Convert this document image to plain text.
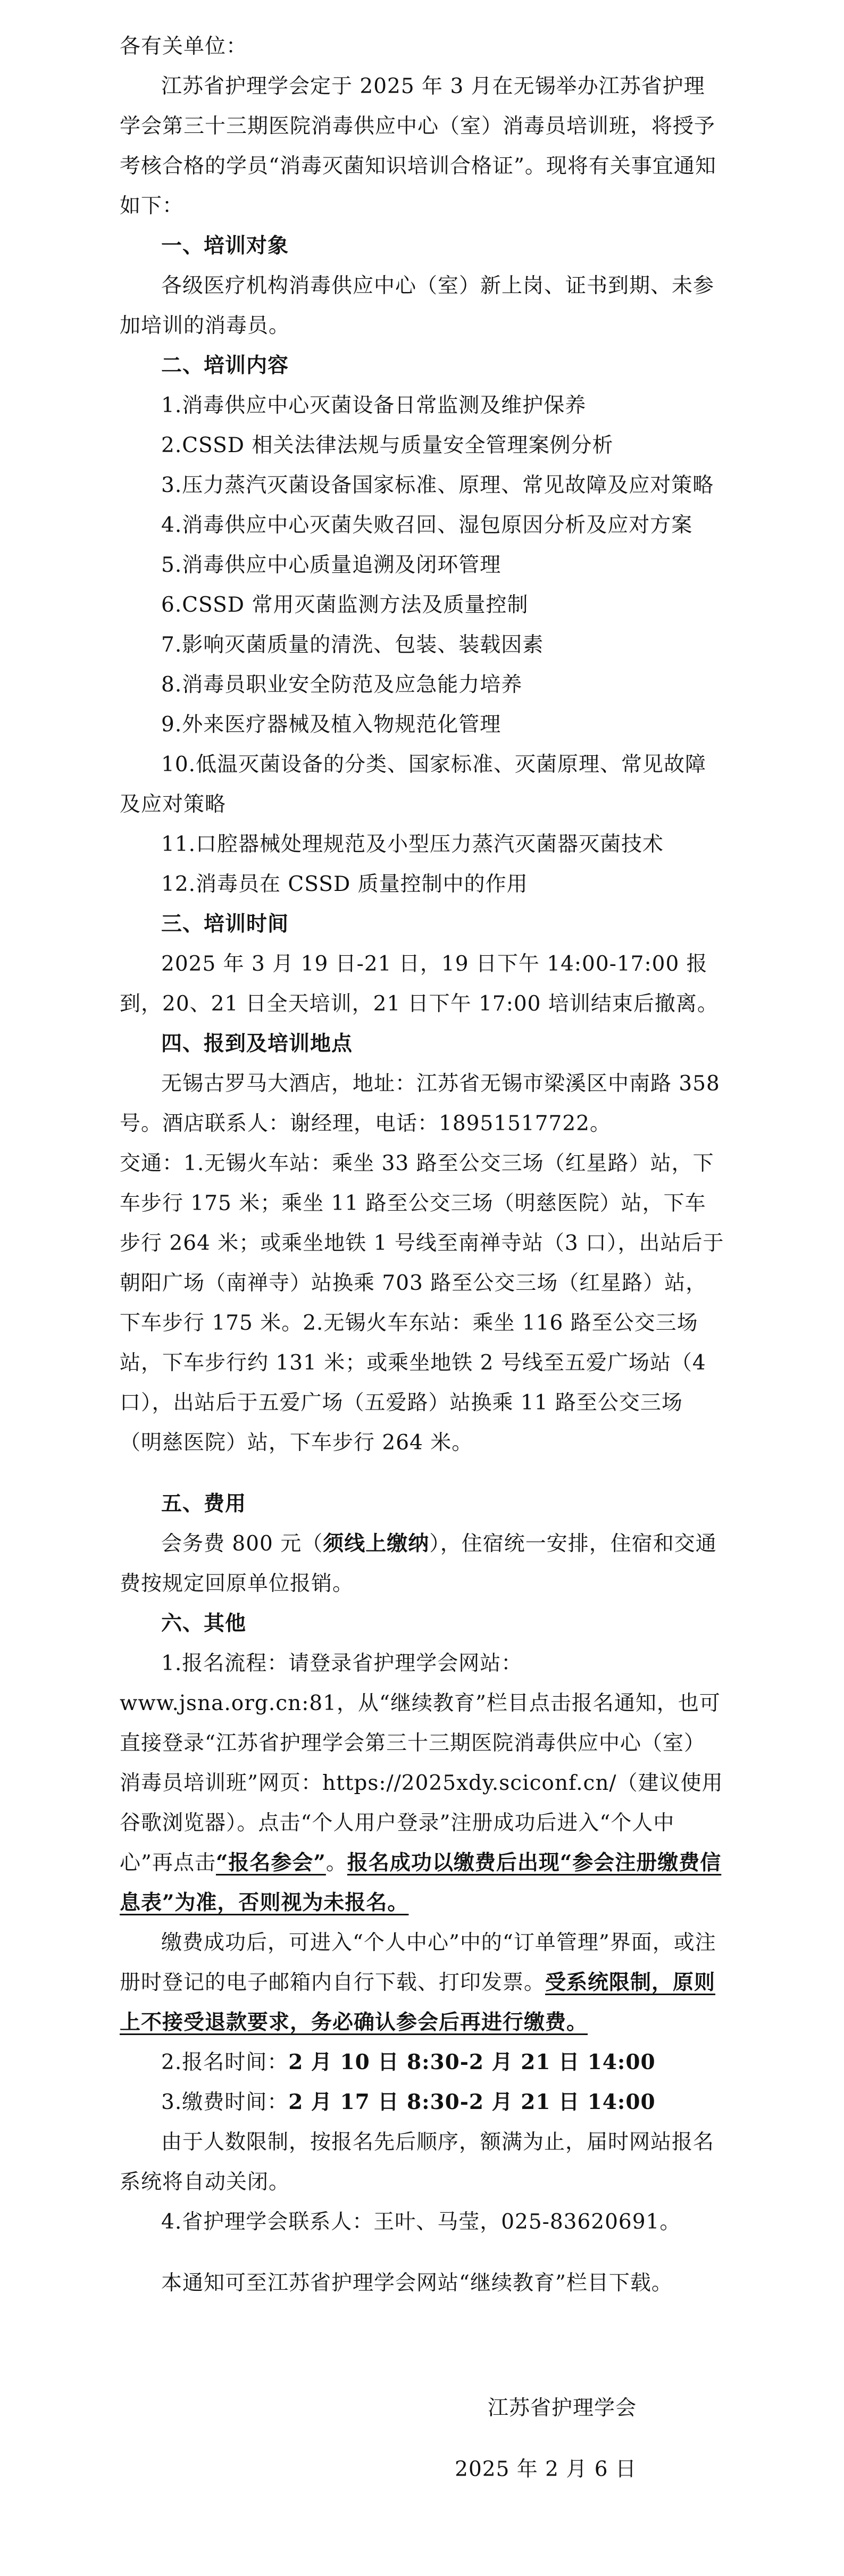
各有关单位：

江苏省护理学会定于 2025 年 3 月在无锡举办江苏省护理学会第三十三期医院消毒供应中心（室）消毒员培训班，将授予考核合格的学员“消毒灭菌知识培训合格证”。现将有关事宜通知如下：

一、培训对象

各级医疗机构消毒供应中心（室）新上岗、证书到期、未参加培训的消毒员。

二、培训内容

1.消毒供应中心灭菌设备日常监测及维护保养

2.CSSD 相关法律法规与质量安全管理案例分析

3.压力蒸汽灭菌设备国家标准、原理、常见故障及应对策略

4.消毒供应中心灭菌失败召回、湿包原因分析及应对方案

5.消毒供应中心质量追溯及闭环管理

6.CSSD 常用灭菌监测方法及质量控制

7.影响灭菌质量的清洗、包装、装载因素

8.消毒员职业安全防范及应急能力培养

9.外来医疗器械及植入物规范化管理

10.低温灭菌设备的分类、国家标准、灭菌原理、常见故障及应对策略

11.口腔器械处理规范及小型压力蒸汽灭菌器灭菌技术

12.消毒员在 CSSD 质量控制中的作用

三、培训时间

2025 年 3 月 19 日-21 日，19 日下午 14:00-17:00 报到，20、21 日全天培训，21 日下午 17:00 培训结束后撤离。

四、报到及培训地点

无锡古罗马大酒店，地址：江苏省无锡市梁溪区中南路 358 号。酒店联系人：谢经理，电话：18951517722。

交通：1.无锡火车站：乘坐 33 路至公交三场（红星路）站，下车步行 175 米；乘坐 11 路至公交三场（明慈医院）站，下车步行 264 米；或乘坐地铁 1 号线至南禅寺站（3 口），出站后于朝阳广场（南禅寺）站换乘 703 路至公交三场（红星路）站，下车步行 175 米。2.无锡火车东站：乘坐 116 路至公交三场站，下车步行约 131 米；或乘坐地铁 2 号线至五爱广场站（4 口），出站后于五爱广场（五爱路）站换乘 11 路至公交三场（明慈医院）站，下车步行 264 米。

五、费用

会务费 800 元（须线上缴纳），住宿统一安排，住宿和交通费按规定回原单位报销。

六、其他

1.报名流程：请登录省护理学会网站：www.jsna.org.cn:81，从“继续教育”栏目点击报名通知，也可直接登录“江苏省护理学会第三十三期医院消毒供应中心（室）消毒员培训班”网页：https://2025xdy.sciconf.cn/（建议使用谷歌浏览器）。点击“个人用户登录”注册成功后进入“个人中心”再点击“报名参会”。报名成功以缴费后出现“参会注册缴费信息表”为准，否则视为未报名。

缴费成功后，可进入“个人中心”中的“订单管理”界面，或注册时登记的电子邮箱内自行下载、打印发票。受系统限制，原则上不接受退款要求，务必确认参会后再进行缴费。

2.报名时间：2 月 10 日 8:30-2 月 21 日 14:00

3.缴费时间：2 月 17 日 8:30-2 月 21 日 14:00

由于人数限制，按报名先后顺序，额满为止，届时网站报名系统将自动关闭。

4.省护理学会联系人：王叶、马莹，025-83620691。

本通知可至江苏省护理学会网站“继续教育”栏目下载。

江苏省护理学会

2025 年 2 月 6 日
